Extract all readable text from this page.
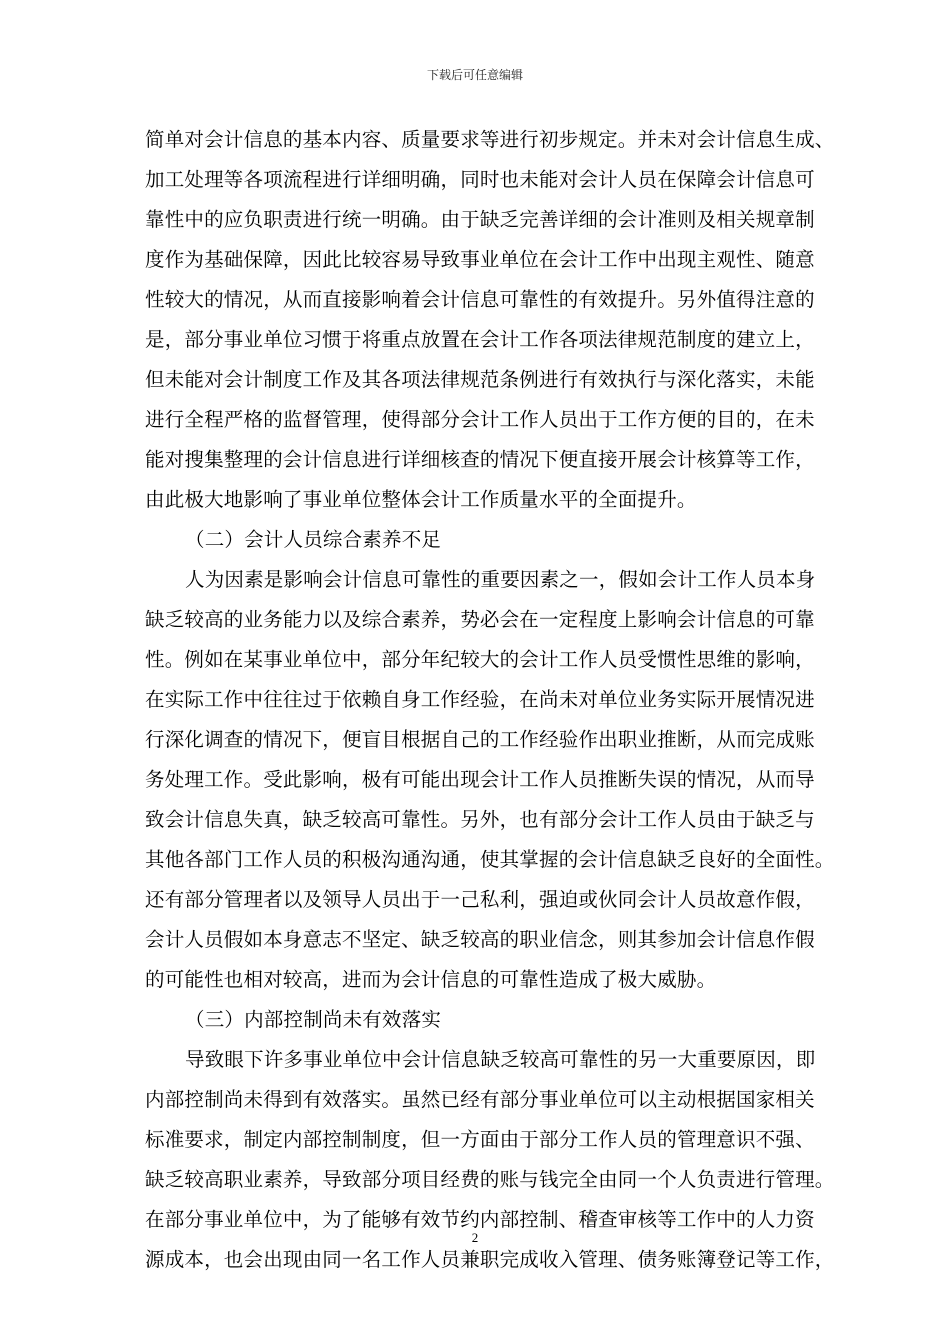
下载后可任意编辑
简单对会计信息的基本内容、质量要求等进行初步规定。并未对会计信息生成、
加工处理等各项流程进行详细明确，同时也未能对会计人员在保障会计信息可
靠性中的应负职责进行统一明确。由于缺乏完善详细的会计准则及相关规章制
度作为基础保障，因此比较容易导致事业单位在会计工作中出现主观性、随意
性较大的情况，从而直接影响着会计信息可靠性的有效提升。另外值得注意的
是，部分事业单位习惯于将重点放置在会计工作各项法律规范制度的建立上，
但未能对会计制度工作及其各项法律规范条例进行有效执行与深化落实，未能
进行全程严格的监督管理，使得部分会计工作人员出于工作方便的目的，在未
能对搜集整理的会计信息进行详细核查的情况下便直接开展会计核算等工作，
由此极大地影响了事业单位整体会计工作质量水平的全面提升。
（二）会计人员综合素养不足
人为因素是影响会计信息可靠性的重要因素之一，假如会计工作人员本身
缺乏较高的业务能力以及综合素养，势必会在一定程度上影响会计信息的可靠
性。例如在某事业单位中，部分年纪较大的会计工作人员受惯性思维的影响，
在实际工作中往往过于依赖自身工作经验，在尚未对单位业务实际开展情况进
行深化调查的情况下，便盲目根据自己的工作经验作出职业推断，从而完成账
务处理工作。受此影响，极有可能出现会计工作人员推断失误的情况，从而导
致会计信息失真，缺乏较高可靠性。另外，也有部分会计工作人员由于缺乏与
其他各部门工作人员的积极沟通沟通，使其掌握的会计信息缺乏良好的全面性。
还有部分管理者以及领导人员出于一己私利，强迫或伙同会计人员故意作假，
会计人员假如本身意志不坚定、缺乏较高的职业信念，则其参加会计信息作假
的可能性也相对较高，进而为会计信息的可靠性造成了极大威胁。
（三）内部控制尚未有效落实
导致眼下许多事业单位中会计信息缺乏较高可靠性的另一大重要原因，即
内部控制尚未得到有效落实。虽然已经有部分事业单位可以主动根据国家相关
标准要求，制定内部控制制度，但一方面由于部分工作人员的管理意识不强、
缺乏较高职业素养，导致部分项目经费的账与钱完全由同一个人负责进行管理。
在部分事业单位中，为了能够有效节约内部控制、稽查审核等工作中的人力资
源成本，也会出现由同一名工作人员兼职完成收入管理、债务账簿登记等工作，
2
